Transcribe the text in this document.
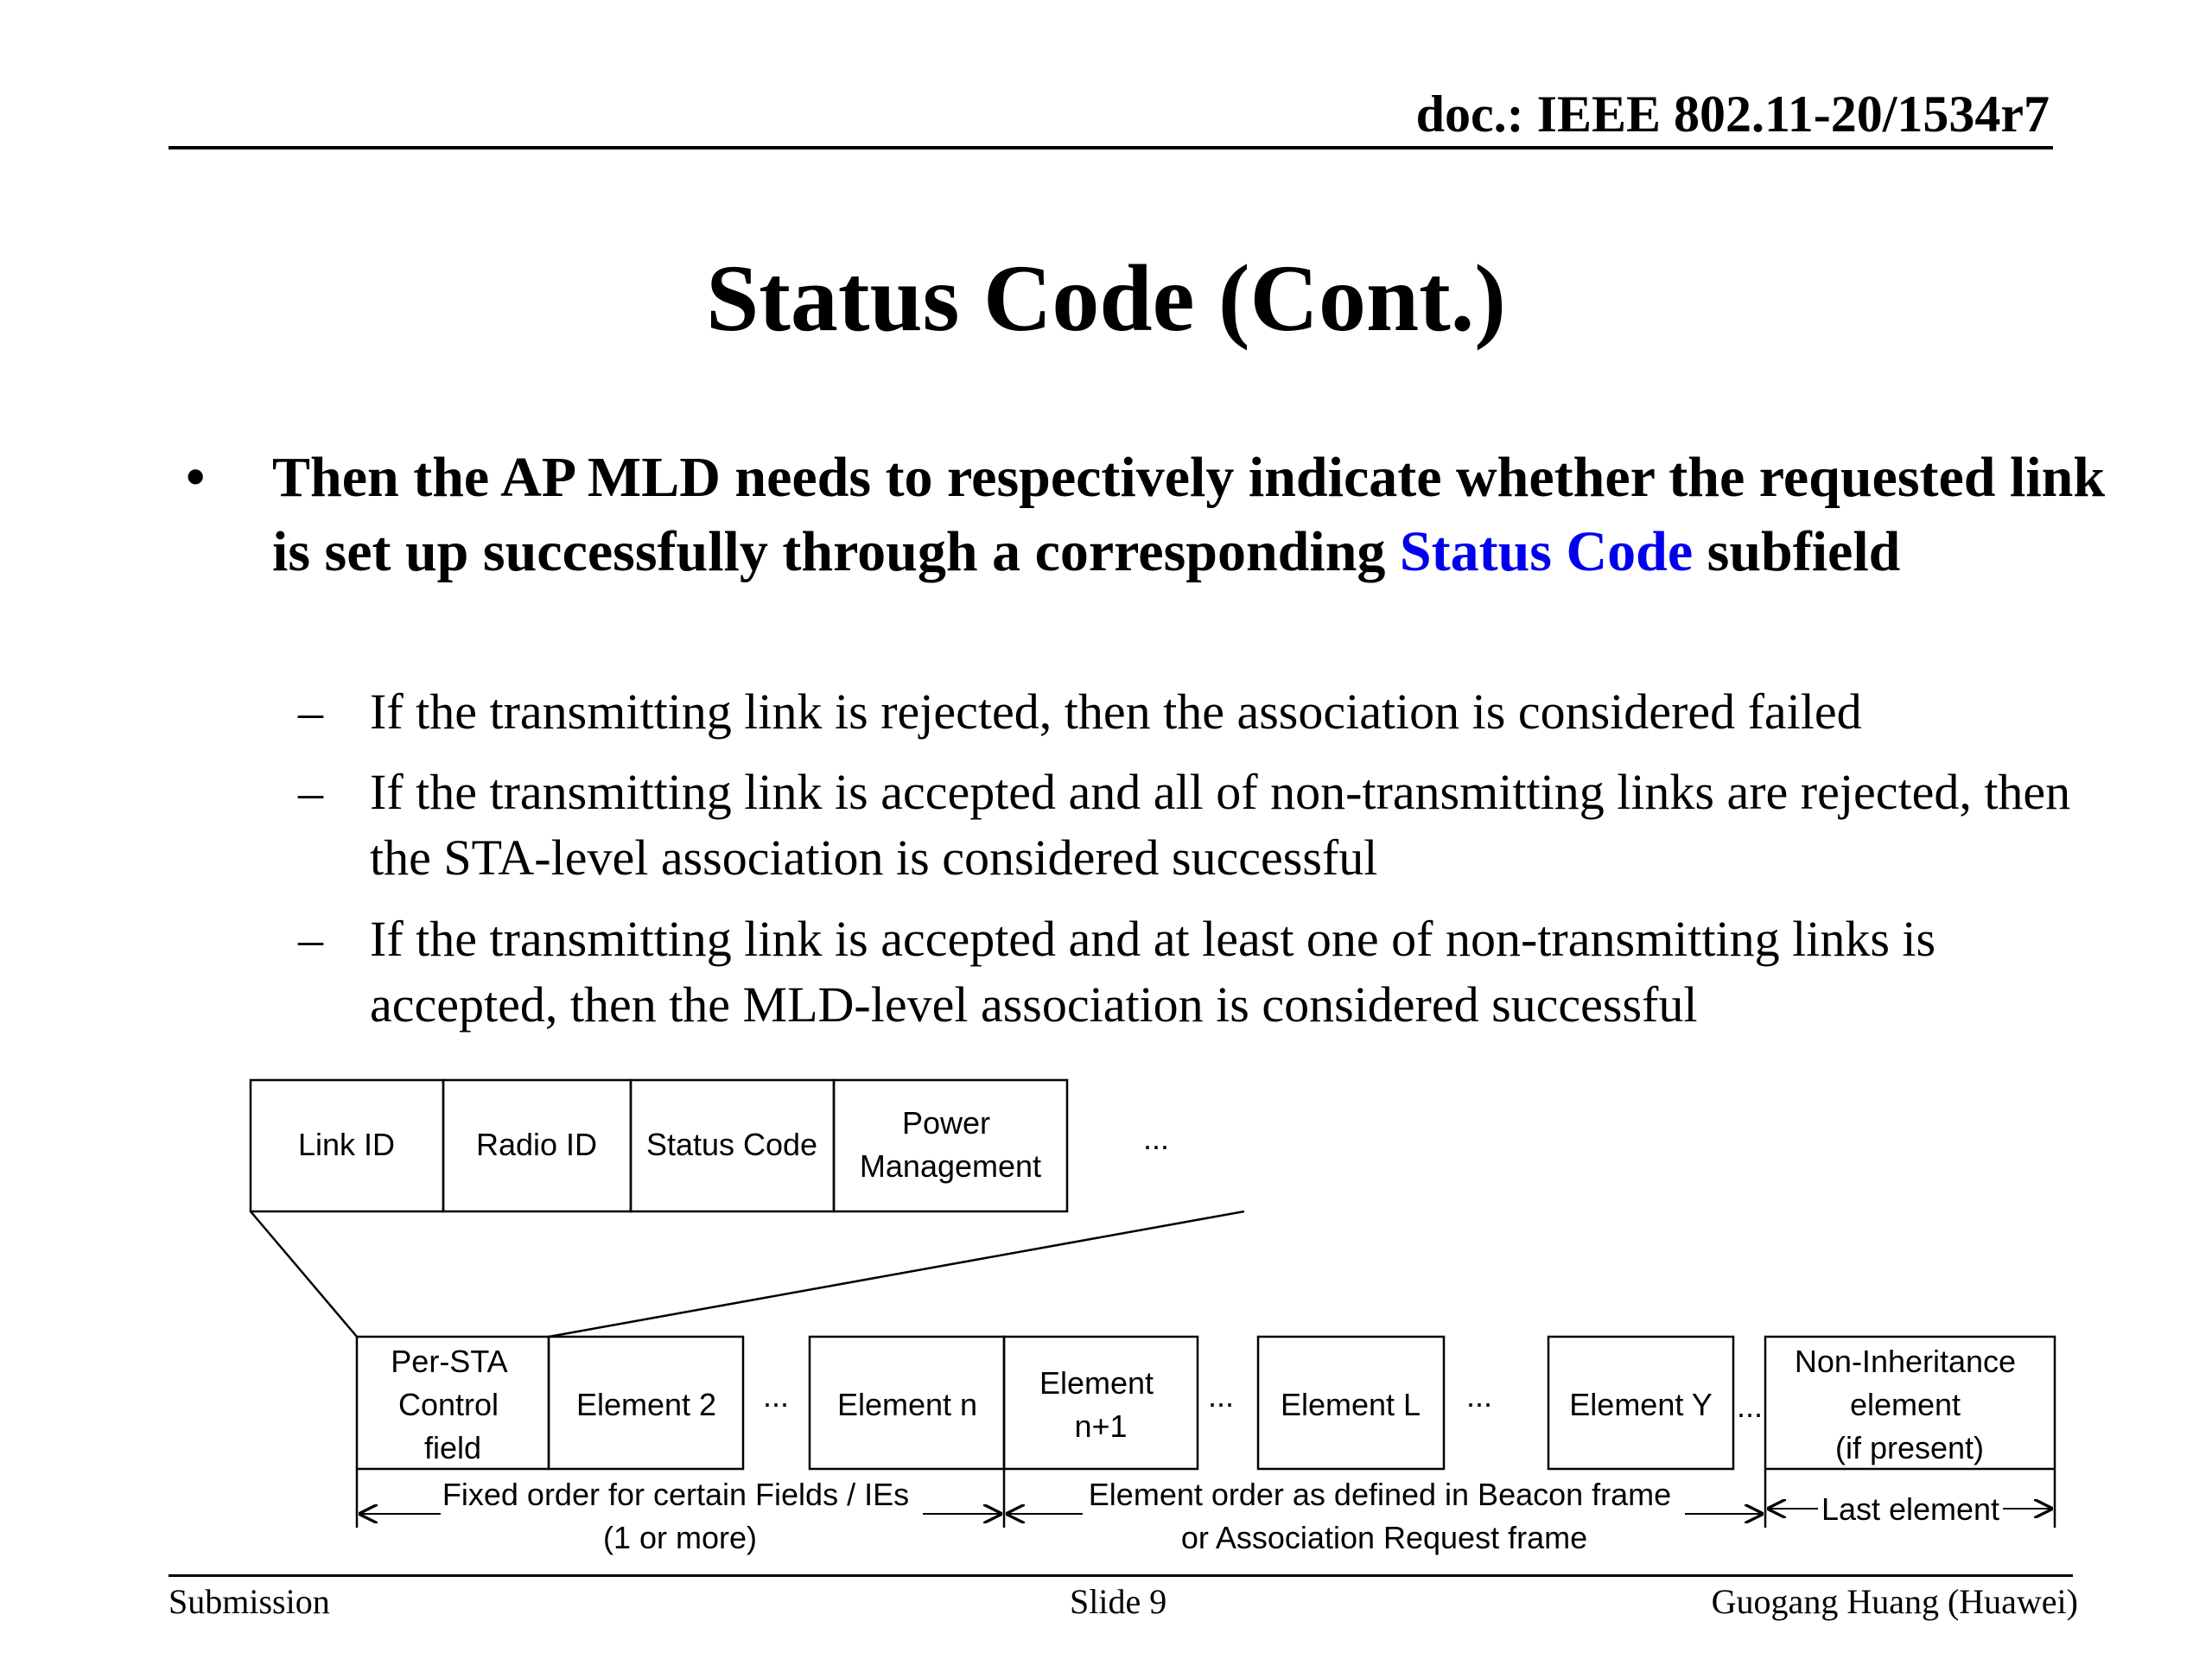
doc.: IEEE 802.11-20/1534r7
Status Code (Cont.)
• Then the AP MLD needs to respectively indicate whether the requested link is set up successfully through a corresponding Status Code subfield
– If the transmitting link is rejected, then the association is considered failed
– If the transmitting link is accepted and all of non-transmitting links are rejected, then the STA-level association is considered successful
– If the transmitting link is accepted and at least one of non-transmitting links is accepted, then the MLD-level association is considered successful
Link ID	Radio ID Status Code
Power Management
...
Per-STA Control field
Element 2 ... Element n
Element n+1
... Element L ... Element Y ...
Non-Inheritance element (if present)
Fixed order for certain Fields / IEs (1 or more)
Element order as defined in Beacon frame or Association Request frame
Last element
Submission	Slide 9	Guogang Huang (Huawei)
